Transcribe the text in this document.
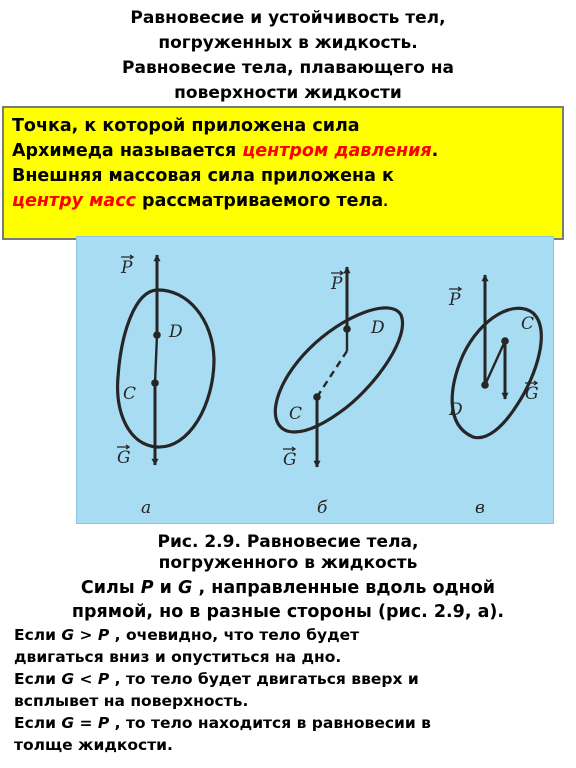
Равновесие и устойчивость тел,
погруженных в жидкость.
Равновесие тела, плавающего на
поверхности жидкости
Точка, к которой приложена сила
Архимеда называется центром давления.
Внешняя массовая сила приложена к
центру масс рассматриваемого тела.
P
D
C
G
P
D
C
G
P
C
D
G
а	б	в
Рис. 2.9. Равновесие тела,
погруженного в жидкость
Силы P и G , направленные вдоль одной
прямой, но в разные стороны (рис. 2.9, а).
Если G > P , очевидно, что тело будет
двигаться вниз и опуститься на дно.
Если G < P , то тело будет двигаться вверх и
всплывет на поверхность.
Если G = P , то тело находится в равновесии в
толще жидкости.
